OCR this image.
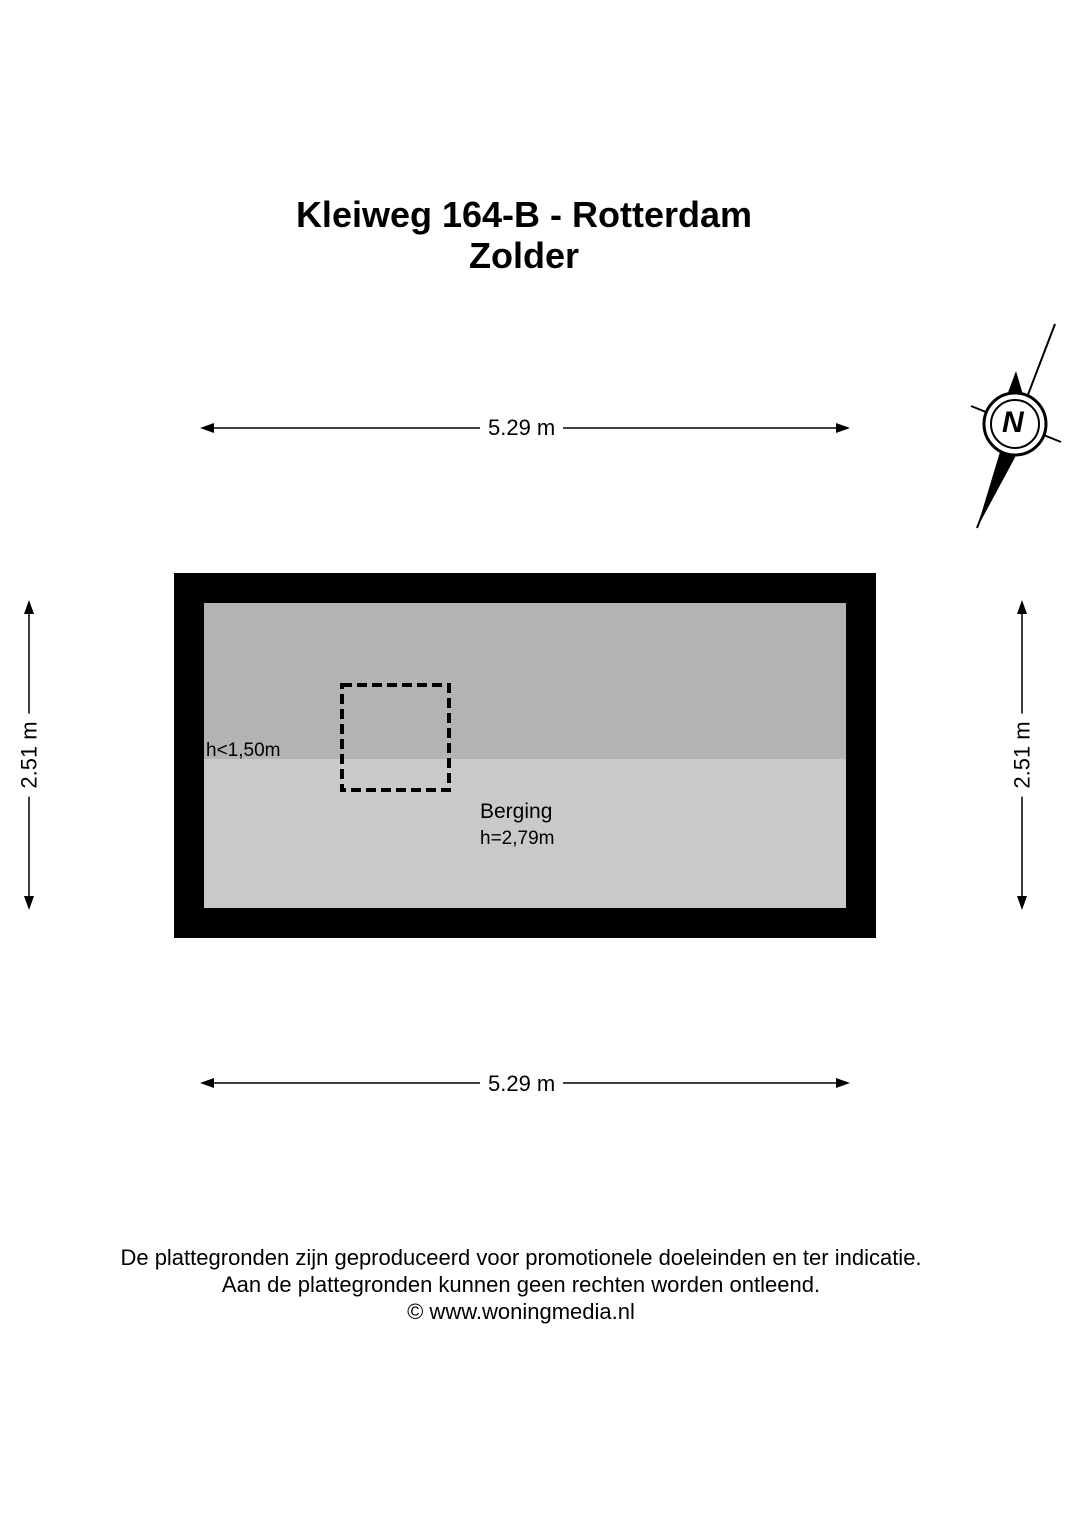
Kleiweg 164-B - Rotterdam
Zolder
5.29 m
5.29 m
2.51 m	2.51 m
N
h<1,50m
Berging
h=2,79m
De plattegronden zijn geproduceerd voor promotionele doeleinden en ter indicatie.
Aan de plattegronden kunnen geen rechten worden ontleend.
© www.woningmedia.nl
